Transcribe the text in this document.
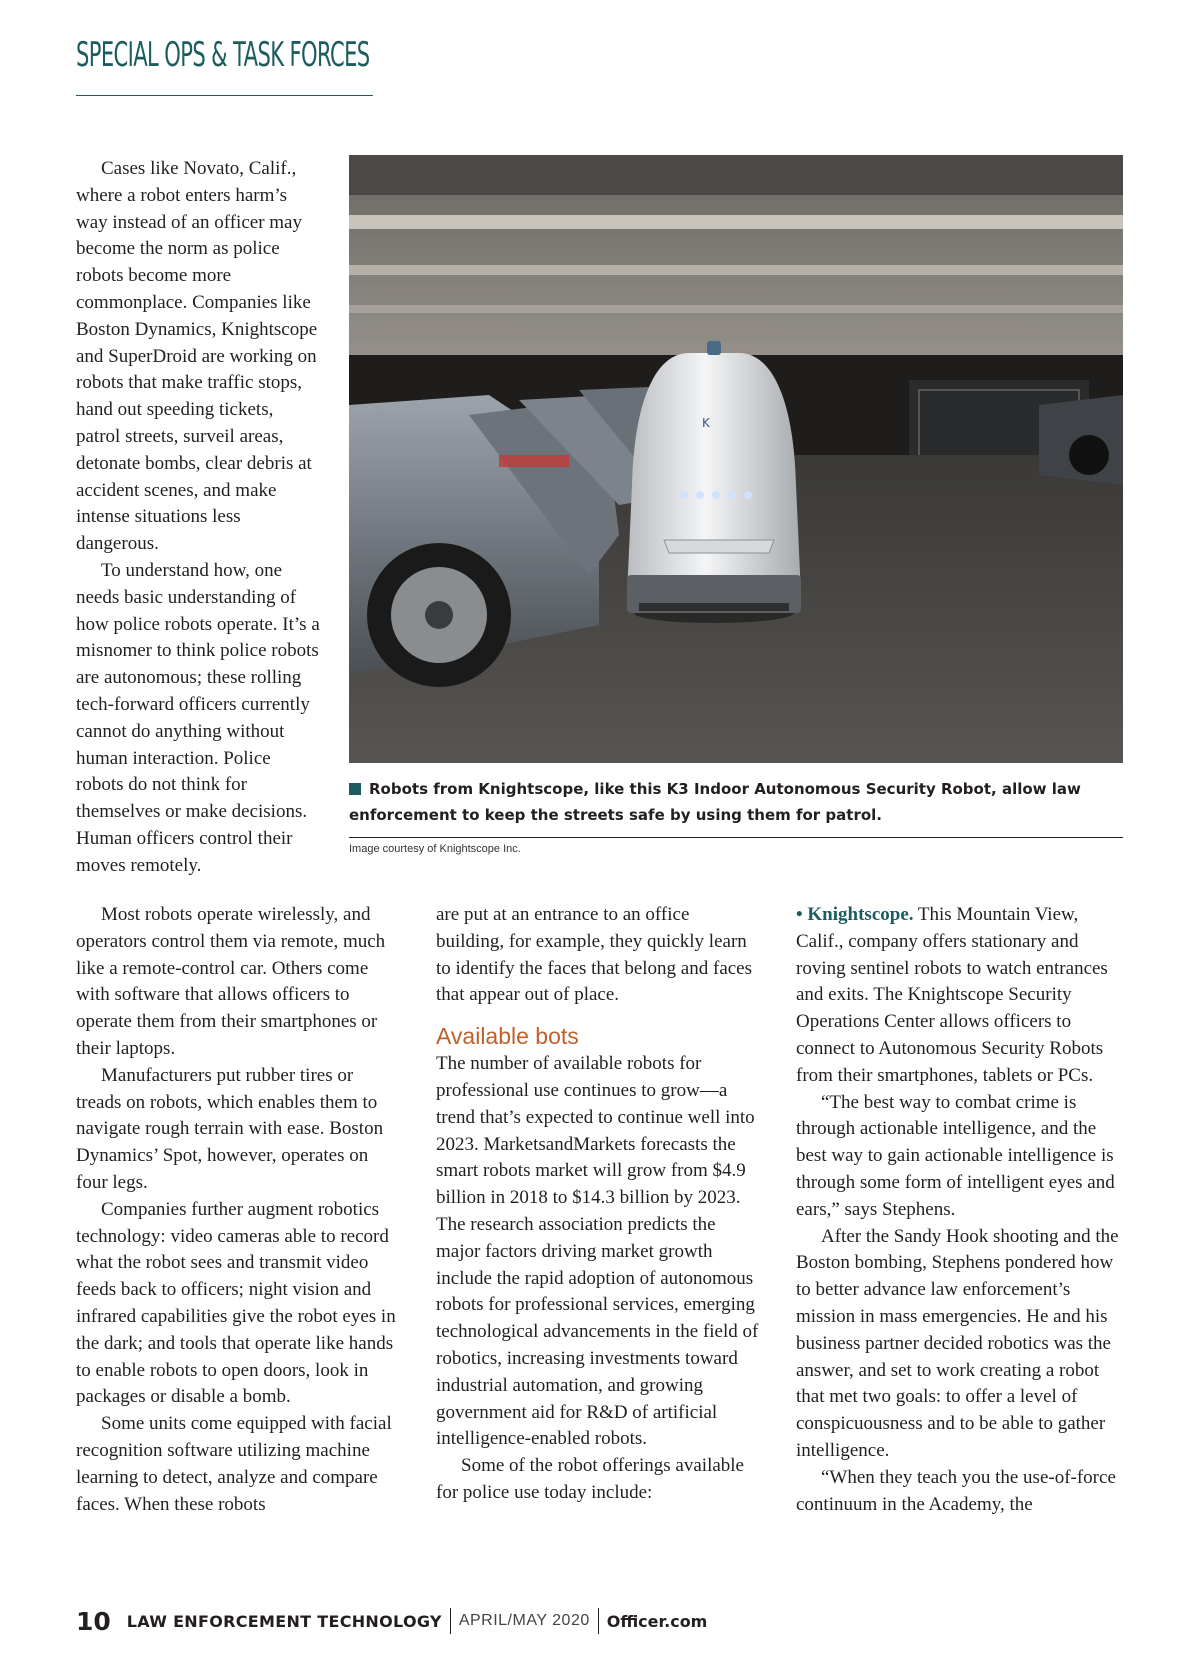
SPECIAL OPS & TASK FORCES

Cases like Novato, Calif., where a robot enters harm’s way instead of an officer may become the norm as police robots become more commonplace. Companies like Boston Dynamics, Knightscope and SuperDroid are working on robots that make traffic stops, hand out speeding tickets, patrol streets, surveil areas, detonate bombs, clear debris at accident scenes, and make intense situations less dangerous.

To understand how, one needs basic understanding of how police robots operate. It’s a misnomer to think police robots are autonomous; these rolling tech-forward officers currently cannot do anything without human interaction. Police robots do not think for themselves or make decisions. Human officers control their moves remotely.

K
Robots from Knightscope, like this K3 Indoor Autonomous Security Robot, allow law enforcement to keep the streets safe by using them for patrol.
Image courtesy of Knightscope Inc.

Most robots operate wirelessly, and operators control them via remote, much like a remote-control car. Others come with software that allows officers to operate them from their smartphones or their laptops.

Manufacturers put rubber tires or treads on robots, which enables them to navigate rough terrain with ease. Boston Dynamics’ Spot, however, operates on four legs.

Companies further augment robotics technology: video cameras able to record what the robot sees and transmit video feeds back to officers; night vision and infrared capabilities give the robot eyes in the dark; and tools that operate like hands to enable robots to open doors, look in packages or disable a bomb.

Some units come equipped with facial recognition software utilizing machine learning to detect, analyze and compare faces. When these robots

are put at an entrance to an office building, for example, they quickly learn to identify the faces that belong and faces that appear out of place.

Available bots

The number of available robots for professional use continues to grow—a trend that’s expected to continue well into 2023. MarketsandMarkets forecasts the smart robots market will grow from $4.9 billion in 2018 to $14.3 billion by 2023. The research association predicts the major factors driving market growth include the rapid adoption of autonomous robots for professional services, emerging technological advancements in the field of robotics, increasing investments toward industrial automation, and growing government aid for R&D of artificial intelligence-enabled robots.

Some of the robot offerings available for police use today include:

• Knightscope. This Mountain View, Calif., company offers stationary and roving sentinel robots to watch entrances and exits. The Knightscope Security Operations Center allows officers to connect to Autonomous Security Robots from their smartphones, tablets or PCs.

“The best way to combat crime is through actionable intelligence, and the best way to gain actionable intelligence is through some form of intelligent eyes and ears,” says Stephens.

After the Sandy Hook shooting and the Boston bombing, Stephens pondered how to better advance law enforcement’s mission in mass emergencies. He and his business partner decided robotics was the answer, and set to work creating a robot that met two goals: to offer a level of conspicuousness and to be able to gather intelligence.

“When they teach you the use-of-force continuum in the Academy, the

10 LAW ENFORCEMENT TECHNOLOGY APRIL/MAY 2020 Officer.com
